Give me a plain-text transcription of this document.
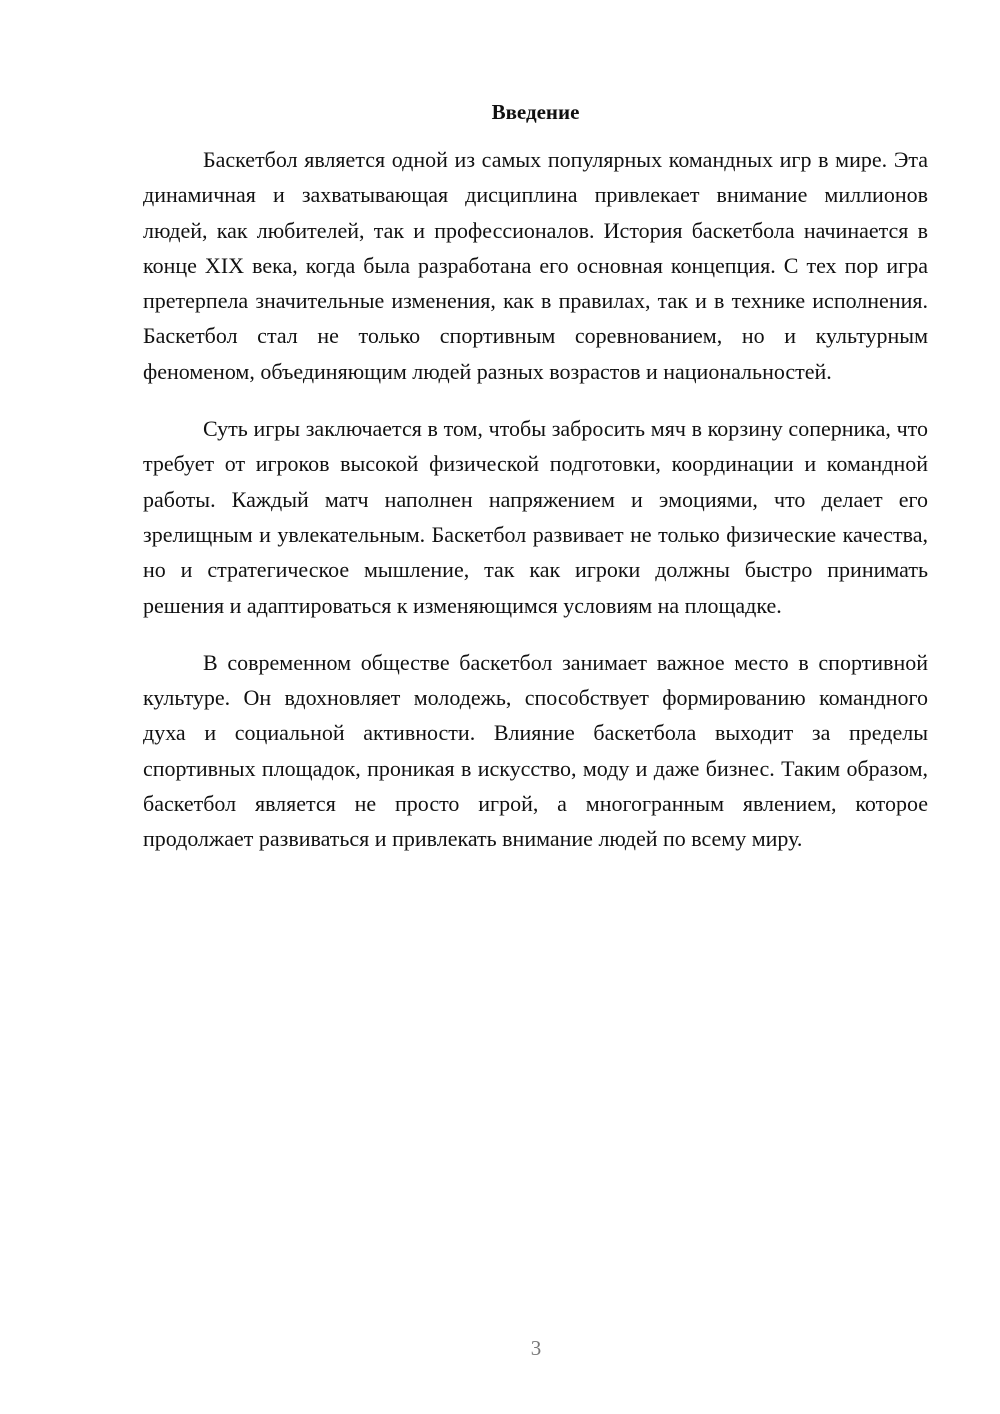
Введение

Баскетбол является одной из самых популярных командных игр в мире. Эта динамичная и захватывающая дисциплина привлекает внимание миллионов людей, как любителей, так и профессионалов. История баскетбола начинается в конце XIX века, когда была разработана его основная концепция. С тех пор игра претерпела значительные изменения, как в правилах, так и в технике исполнения. Баскетбол стал не только спортивным соревнованием, но и культурным феноменом, объединяющим людей разных возрастов и национальностей.

Суть игры заключается в том, чтобы забросить мяч в корзину соперника, что требует от игроков высокой физической подготовки, координации и командной работы. Каждый матч наполнен напряжением и эмоциями, что делает его зрелищным и увлекательным. Баскетбол развивает не только физические качества, но и стратегическое мышление, так как игроки должны быстро принимать решения и адаптироваться к изменяющимся условиям на площадке.

В современном обществе баскетбол занимает важное место в спортивной культуре. Он вдохновляет молодежь, способствует формированию командного духа и социальной активности. Влияние баскетбола выходит за пределы спортивных площадок, проникая в искусство, моду и даже бизнес. Таким образом, баскетбол является не просто игрой, а многогранным явлением, которое продолжает развиваться и привлекать внимание людей по всему миру.

3
